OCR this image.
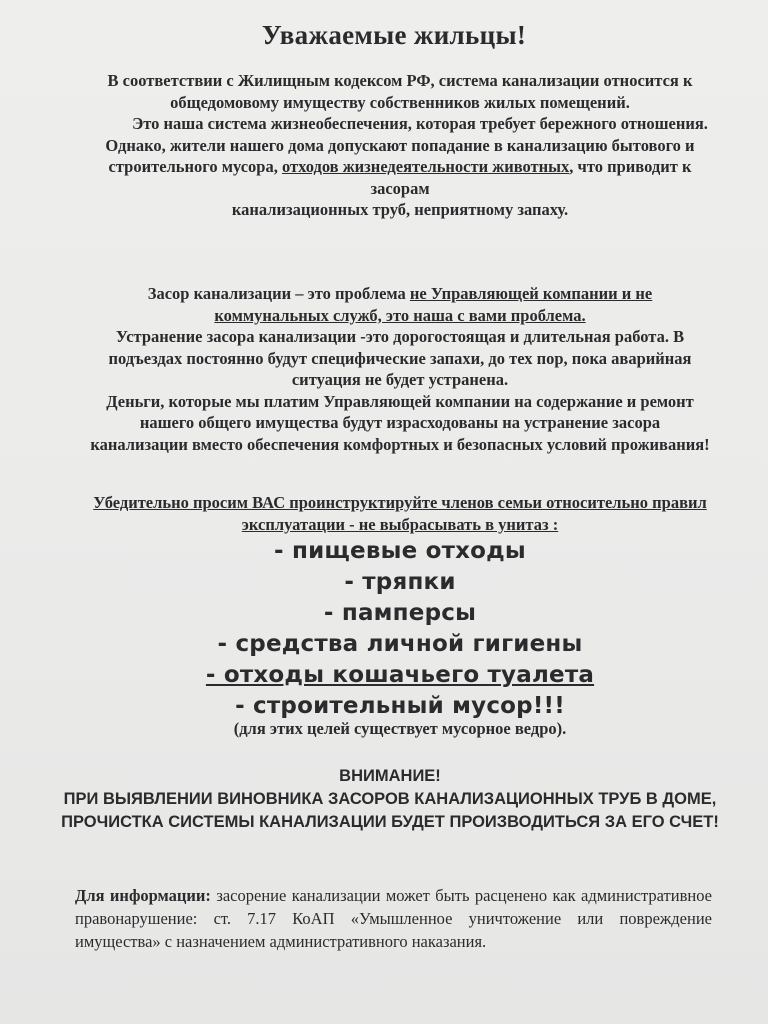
Уважаемые жильцы!

В соответствии с Жилищным кодексом РФ, система канализации относится к общедомовому имуществу собственников жилых помещений.

Это наша система жизнеобеспечения, которая требует бережного отношения.

Однако, жители нашего дома допускают попадание в канализацию бытового и строительного мусора, отходов жизнедеятельности животных, что приводит к засорам

канализационных труб, неприятному запаху.

Засор канализации – это проблема не Управляющей компании и не коммунальных служб, это наша с вами проблема.

Устранение засора канализации -это дорогостоящая и длительная работа. В подъездах постоянно будут специфические запахи, до тех пор, пока аварийная ситуация не будет устранена.

Деньги, которые мы платим Управляющей компании на содержание и ремонт нашего общего имущества будут израсходованы на устранение засора канализации вместо обеспечения комфортных и безопасных условий проживания!

Убедительно просим ВАС проинструктируйте членов семьи относительно правил эксплуатации - не выбрасывать в унитаз :
- пищевые отходы
- тряпки
- памперсы
- средства личной гигиены
- отходы кошачьего туалета
- строительный мусор!!!
(для этих целей существует мусорное ведро).

ВНИМАНИЕ!

ПРИ ВЫЯВЛЕНИИ ВИНОВНИКА ЗАСОРОВ КАНАЛИЗАЦИОННЫХ ТРУБ В ДОМЕ, ПРОЧИСТКА СИСТЕМЫ КАНАЛИЗАЦИИ БУДЕТ ПРОИЗВОДИТЬСЯ ЗА ЕГО СЧЕТ!

Для информации: засорение канализации может быть расценено как административное правонарушение: ст. 7.17 КоАП «Умышленное уничтожение или повреждение имущества» с назначением административного наказания.
